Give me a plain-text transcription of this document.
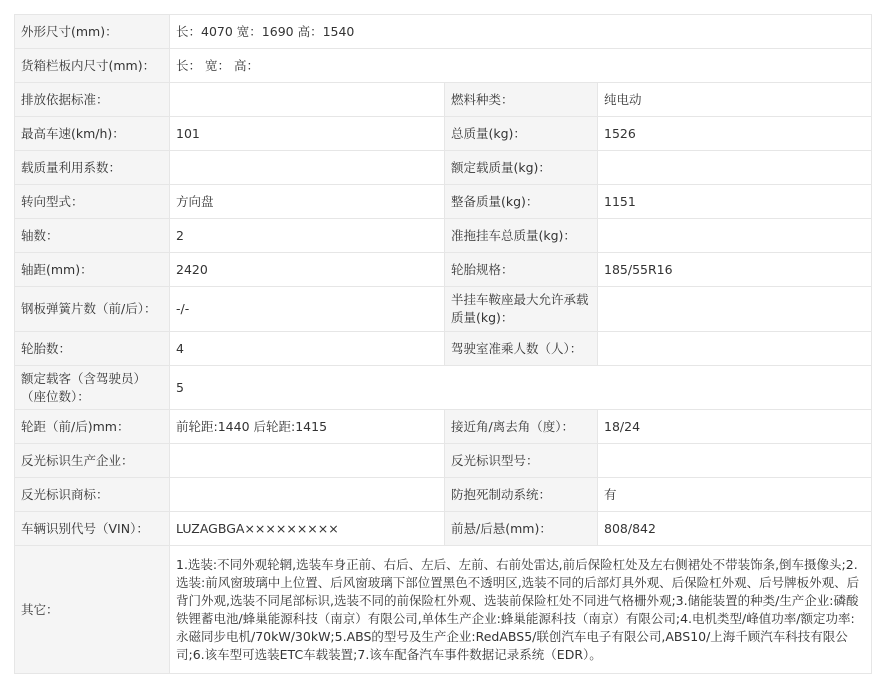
外形尺寸(mm)：	长：4070 宽：1690 高：1540		
货箱栏板内尺寸(mm)：	长： 宽： 高：		
排放依据标准：		燃料种类：	纯电动
最高车速(km/h)：	101	总质量(kg)：	1526
载质量利用系数：		额定载质量(kg)：	
转向型式：	方向盘	整备质量(kg)：	1151
轴数：	2	准拖挂车总质量(kg)：	
轴距(mm)：	2420	轮胎规格：	185/55R16
钢板弹簧片数（前/后）：	-/-	半挂车鞍座最大允许承载质量(kg)：	
轮胎数：	4	驾驶室准乘人数（人）：	
额定载客（含驾驶员）（座位数）：	5		
轮距（前/后)mm：	前轮距:1440 后轮距:1415	接近角/离去角（度）：	18/24
反光标识生产企业：		反光标识型号：	
反光标识商标：		防抱死制动系统：	有
车辆识别代号（VIN）：	LUZAGBGA×××××××××	前悬/后悬(mm)：	808/842
其它：	1.选装:不同外观轮辋,选装车身正前、右后、左后、左前、右前处雷达,前后保险杠处及左右侧裙处不带装饰条,倒车摄像头;2.选装:前风窗玻璃中上位置、后风窗玻璃下部位置黑色不透明区,选装不同的后部灯具外观、后保险杠外观、后号牌板外观、后背门外观,选装不同尾部标识,选装不同的前保险杠外观、选装前保险杠处不同进气格栅外观;3.储能装置的种类/生产企业:磷酸铁锂蓄电池/蜂巢能源科技（南京）有限公司,单体生产企业:蜂巢能源科技（南京）有限公司;4.电机类型/峰值功率/额定功率:永磁同步电机/70kW/30kW;5.ABS的型号及生产企业:RedABS5/联创汽车电子有限公司,ABS10/上海千顾汽车科技有限公司;6.该车型可选装ETC车载装置;7.该车配备汽车事件数据记录系统（EDR）。		
